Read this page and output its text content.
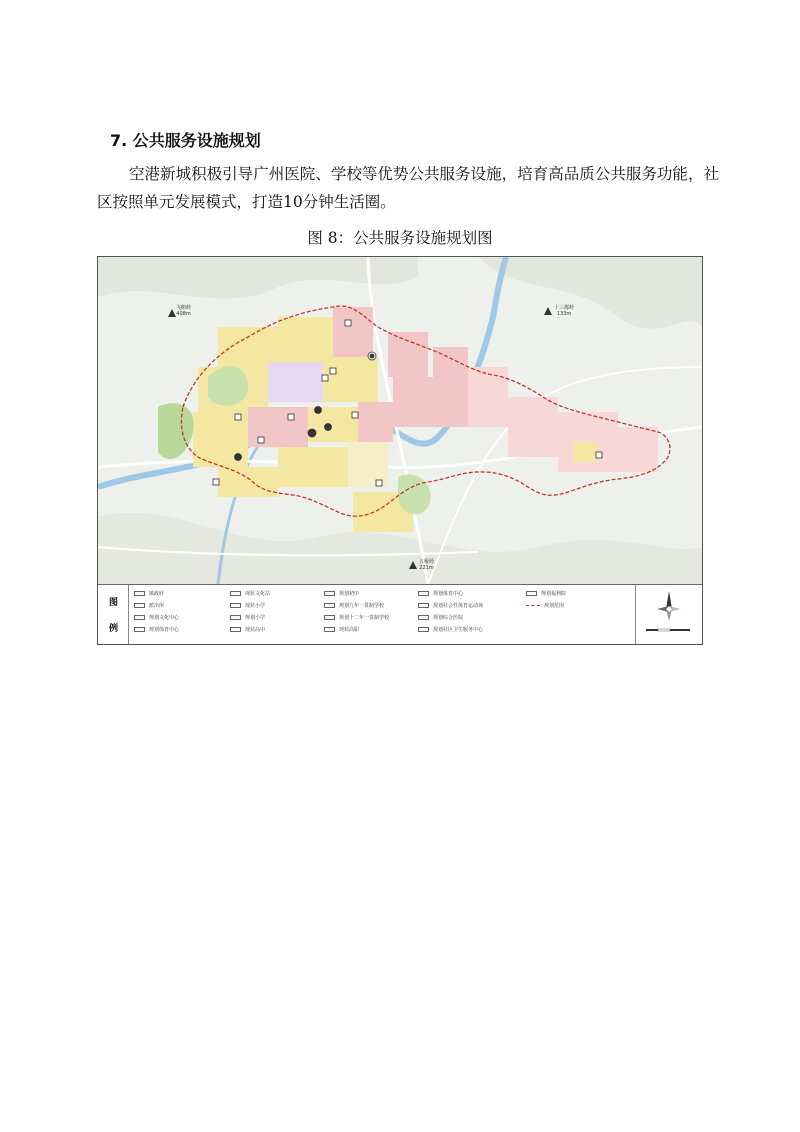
7. 公共服务设施规划
空港新城积极引导广州医院、学校等优势公共服务设施，培育高品质公共服务功能，社区按照单元发展模式，打造10分钟生活圈。
图 8：公共服务设施规划图
飞鹅岭
408m
十三都岭
133m
五雁岭
221m
图
例
镇政府
派出所
规划文化中心
规划体育中心
现状文化站
现状小学
规划小学
现状高中
规划初中
规划九年一贯制学校
规划十二年一贯制学校
现状高职
规划体育中心
规划社会性体育运动场
规划综合医院
规划社区卫生服务中心
规划福利院
规划范围
